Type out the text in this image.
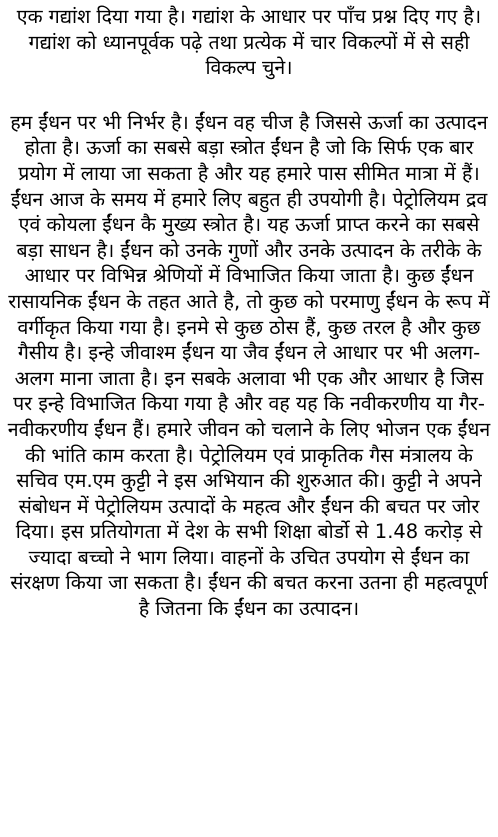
एक गद्यांश दिया गया है। गद्यांश के आधार पर पाँच प्रश्न दिए गए है। गद्यांश को ध्यानपूर्वक पढ़े तथा प्रत्येक में चार विकल्पों में से सही विकल्प चुने।

हम ईंधन पर भी निर्भर है। ईंधन वह चीज है जिससे ऊर्जा का उत्पादन होता है। ऊर्जा का सबसे बड़ा स्त्रोत ईंधन है जो कि सिर्फ एक बार प्रयोग में लाया जा सकता है और यह हमारे पास सीमित मात्रा में हैं। ईंधन आज के समय में हमारे लिए बहुत ही उपयोगी है। पेट्रोलियम द्रव एवं कोयला ईंधन कै मुख्य स्त्रोत है। यह ऊर्जा प्राप्त करने का सबसे बड़ा साधन है। ईंधन को उनके गुणों और उनके उत्पादन के तरीके के आधार पर विभिन्न श्रेणियों में विभाजित किया जाता है। कुछ ईंधन रासायनिक ईंधन के तहत आते है, तो कुछ को परमाणु ईंधन के रूप में वर्गीकृत किया गया है। इनमे से कुछ ठोस हैं, कुछ तरल है और कुछ गैसीय है। इन्हे जीवाश्म ईंधन या जैव ईंधन ले आधार पर भी अलग-अलग माना जाता है। इन सबके अलावा भी एक और आधार है जिस पर इन्हे विभाजित किया गया है और वह यह कि नवीकरणीय या गैर-नवीकरणीय ईंधन हैं। हमारे जीवन को चलाने के लिए भोजन एक ईंधन की भांति काम करता है। पेट्रोलियम एवं प्राकृतिक गैस मंत्रालय के सचिव एम.एम कुट्टी ने इस अभियान की शुरुआत की। कुट्टी ने अपने संबोधन में पेट्रोलियम उत्पादों के महत्व और ईंधन की बचत पर जोर दिया। इस प्रतियोगता में देश के सभी शिक्षा बोर्डो से 1.48 करोड़ से ज्यादा बच्चो ने भाग लिया। वाहनों के उचित उपयोग से ईंधन का संरक्षण किया जा सकता है। ईंधन की बचत करना उतना ही महत्वपूर्ण है जितना कि ईंधन का उत्पादन।
